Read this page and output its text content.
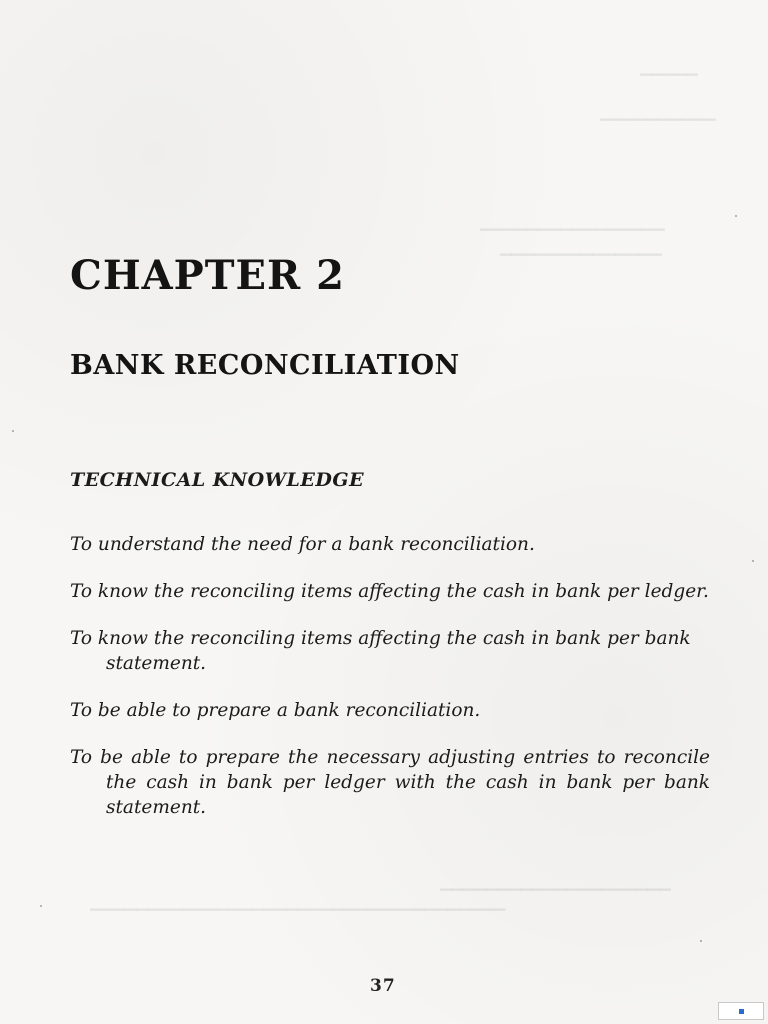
▁▁▁▁▁
▁▁▁▁▁▁▁▁▁▁
▁▁▁▁▁▁▁▁▁▁▁▁▁▁▁▁
▁▁▁▁▁▁▁▁▁▁▁▁▁▁
▁▁▁▁▁▁▁▁▁▁▁▁▁▁▁▁▁▁▁▁
▁▁▁▁▁▁▁▁▁▁▁▁▁▁▁▁▁▁▁▁▁▁▁▁▁▁▁▁▁▁▁▁▁▁▁▁
CHAPTER 2
BANK RECONCILIATION
TECHNICAL KNOWLEDGE
To understand the need for a bank reconciliation.
To know the reconciling items affecting the cash in bank per ledger.
To know the reconciling items affecting the cash in bank per bank statement.
To be able to prepare a bank reconciliation.
To be able to prepare the necessary adjusting entries to reconcile the cash in bank per ledger with the cash in bank per bank statement.
37
